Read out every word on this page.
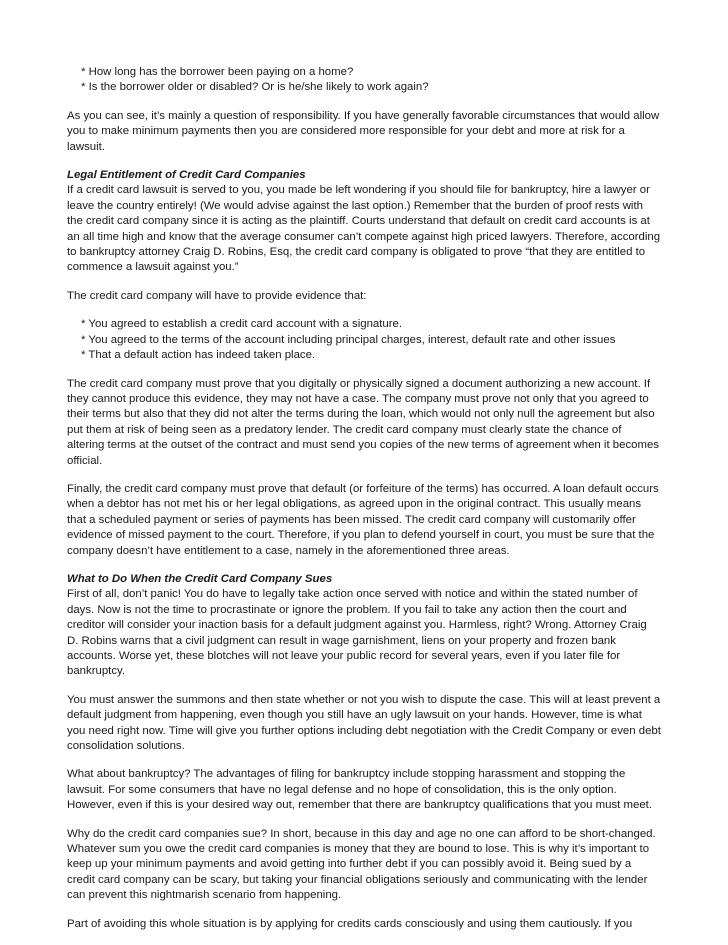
* How long has the borrower been paying on a home?
* Is the borrower older or disabled? Or is he/she likely to work again?

As you can see, it’s mainly a question of responsibility. If you have generally favorable circumstances that would allow you to make minimum payments then you are considered more responsible for your debt and more at risk for a lawsuit.

Legal Entitlement of Credit Card Companies
If a credit card lawsuit is served to you, you made be left wondering if you should file for bankruptcy, hire a lawyer or leave the country entirely! (We would advise against the last option.) Remember that the burden of proof rests with the credit card company since it is acting as the plaintiff. Courts understand that default on credit card accounts is at an all time high and know that the average consumer can’t compete against high priced lawyers. Therefore, according to bankruptcy attorney Craig D. Robins, Esq, the credit card company is obligated to prove “that they are entitled to commence a lawsuit against you.”

The credit card company will have to provide evidence that:

* You agreed to establish a credit card account with a signature.
* You agreed to the terms of the account including principal charges, interest, default rate and other issues
* That a default action has indeed taken place.

The credit card company must prove that you digitally or physically signed a document authorizing a new account. If they cannot produce this evidence, they may not have a case. The company must prove not only that you agreed to their terms but also that they did not alter the terms during the loan, which would not only null the agreement but also put them at risk of being seen as a predatory lender. The credit card company must clearly state the chance of altering terms at the outset of the contract and must send you copies of the new terms of agreement when it becomes official.

Finally, the credit card company must prove that default (or forfeiture of the terms) has occurred. A loan default occurs when a debtor has not met his or her legal obligations, as agreed upon in the original contract. This usually means that a scheduled payment or series of payments has been missed. The credit card company will customarily offer evidence of missed payment to the court. Therefore, if you plan to defend yourself in court, you must be sure that the company doesn’t have entitlement to a case, namely in the aforementioned three areas.

What to Do When the Credit Card Company Sues
First of all, don’t panic! You do have to legally take action once served with notice and within the stated number of days. Now is not the time to procrastinate or ignore the problem. If you fail to take any action then the court and creditor will consider your inaction basis for a default judgment against you. Harmless, right? Wrong. Attorney Craig D. Robins warns that a civil judgment can result in wage garnishment, liens on your property and frozen bank accounts. Worse yet, these blotches will not leave your public record for several years, even if you later file for bankruptcy.

You must answer the summons and then state whether or not you wish to dispute the case. This will at least prevent a default judgment from happening, even though you still have an ugly lawsuit on your hands. However, time is what you need right now. Time will give you further options including debt negotiation with the Credit Company or even debt consolidation solutions.

What about bankruptcy? The advantages of filing for bankruptcy include stopping harassment and stopping the lawsuit. For some consumers that have no legal defense and no hope of consolidation, this is the only option. However, even if this is your desired way out, remember that there are bankruptcy qualifications that you must meet.

Why do the credit card companies sue? In short, because in this day and age no one can afford to be short-changed. Whatever sum you owe the credit card companies is money that they are bound to lose. This is why it’s important to keep up your minimum payments and avoid getting into further debt if you can possibly avoid it. Being sued by a credit card company can be scary, but taking your financial obligations seriously and communicating with the lender can prevent this nightmarish scenario from happening.

Part of avoiding this whole situation is by applying for credits cards consciously and using them cautiously. If you
